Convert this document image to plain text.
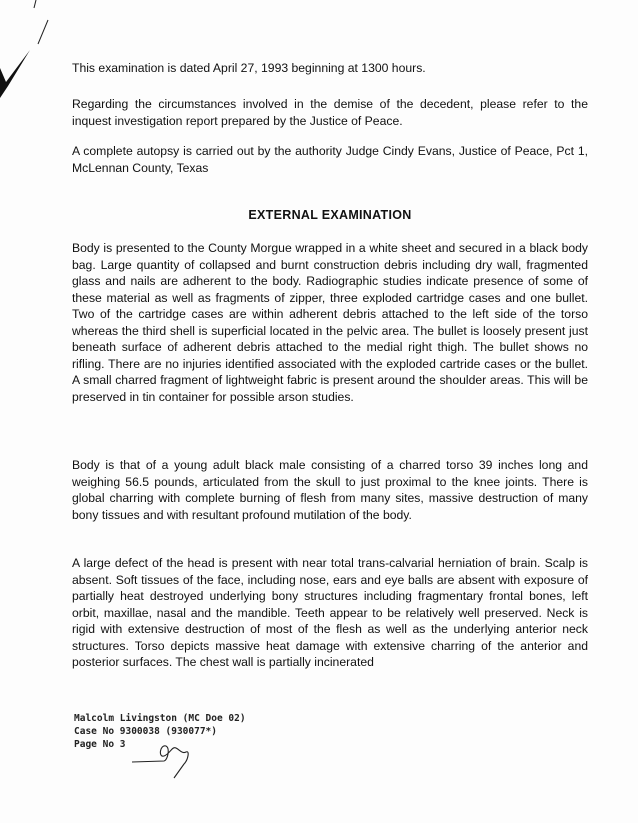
This examination is dated April 27, 1993 beginning at 1300 hours.

Regarding the circumstances involved in the demise of the decedent, please refer to the inquest investigation report prepared by the Justice of Peace.

A complete autopsy is carried out by the authority Judge Cindy Evans, Justice of Peace, Pct 1, McLennan County, Texas

EXTERNAL EXAMINATION

Body is presented to the County Morgue wrapped in a white sheet and secured in a black body bag. Large quantity of collapsed and burnt construction debris including dry wall, fragmented glass and nails are adherent to the body. Radiographic studies indicate presence of some of these material as well as fragments of zipper, three exploded cartridge cases and one bullet. Two of the cartridge cases are within adherent debris attached to the left side of the torso whereas the third shell is superficial located in the pelvic area. The bullet is loosely present just beneath surface of adherent debris attached to the medial right thigh. The bullet shows no rifling. There are no injuries identified associated with the exploded cartride cases or the bullet. A small charred fragment of lightweight fabric is present around the shoulder areas. This will be preserved in tin container for possible arson studies.

Body is that of a young adult black male consisting of a charred torso 39 inches long and weighing 56.5 pounds, articulated from the skull to just proximal to the knee joints. There is global charring with complete burning of flesh from many sites, massive destruction of many bony tissues and with resultant profound mutilation of the body.

A large defect of the head is present with near total trans-calvarial herniation of brain. Scalp is absent. Soft tissues of the face, including nose, ears and eye balls are absent with exposure of partially heat destroyed underlying bony structures including fragmentary frontal bones, left orbit, maxillae, nasal and the mandible. Teeth appear to be relatively well preserved. Neck is rigid with extensive destruction of most of the flesh as well as the underlying anterior neck structures. Torso depicts massive heat damage with extensive charring of the anterior and posterior surfaces. The chest wall is partially incinerated

Malcolm Livingston (MC Doe 02)
Case No 9300038 (930077*)
Page No 3
